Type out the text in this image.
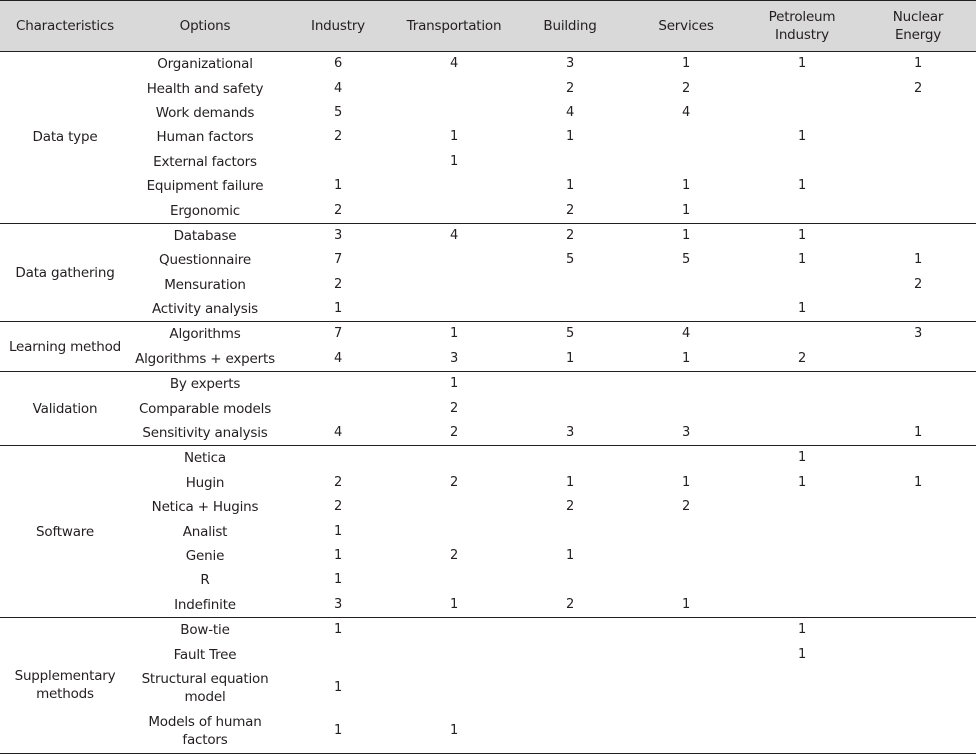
Characteristics	Options	Industry	Transportation	Building	Services	Petroleum Industry	Nuclear Energy
Data type	Organizational	6	4	3	1	1	1
	Health and safety	4		2	2		2
	Work demands	5		4	4		
	Human factors	2	1	1		1	
	External factors		1				
	Equipment failure	1		1	1	1	
	Ergonomic	2		2	1		
Data gathering	Database	3	4	2	1	1	
	Questionnaire	7		5	5	1	1
	Mensuration	2					2
	Activity analysis	1				1	
Learning method	Algorithms	7	1	5	4		3
	Algorithms + experts	4	3	1	1	2	
Validation	By experts		1				
	Comparable models		2				
	Sensitivity analysis	4	2	3	3		1
Software	Netica					1	
	Hugin	2	2	1	1	1	1
	Netica + Hugins	2		2	2		
	Analist	1					
	Genie	1	2	1			
	R	1					
	Indefinite	3	1	2	1		
Supplementary methods	Bow-tie	1				1	
	Fault Tree					1	
	Structural equation model	1					
	Models of human factors	1	1				
